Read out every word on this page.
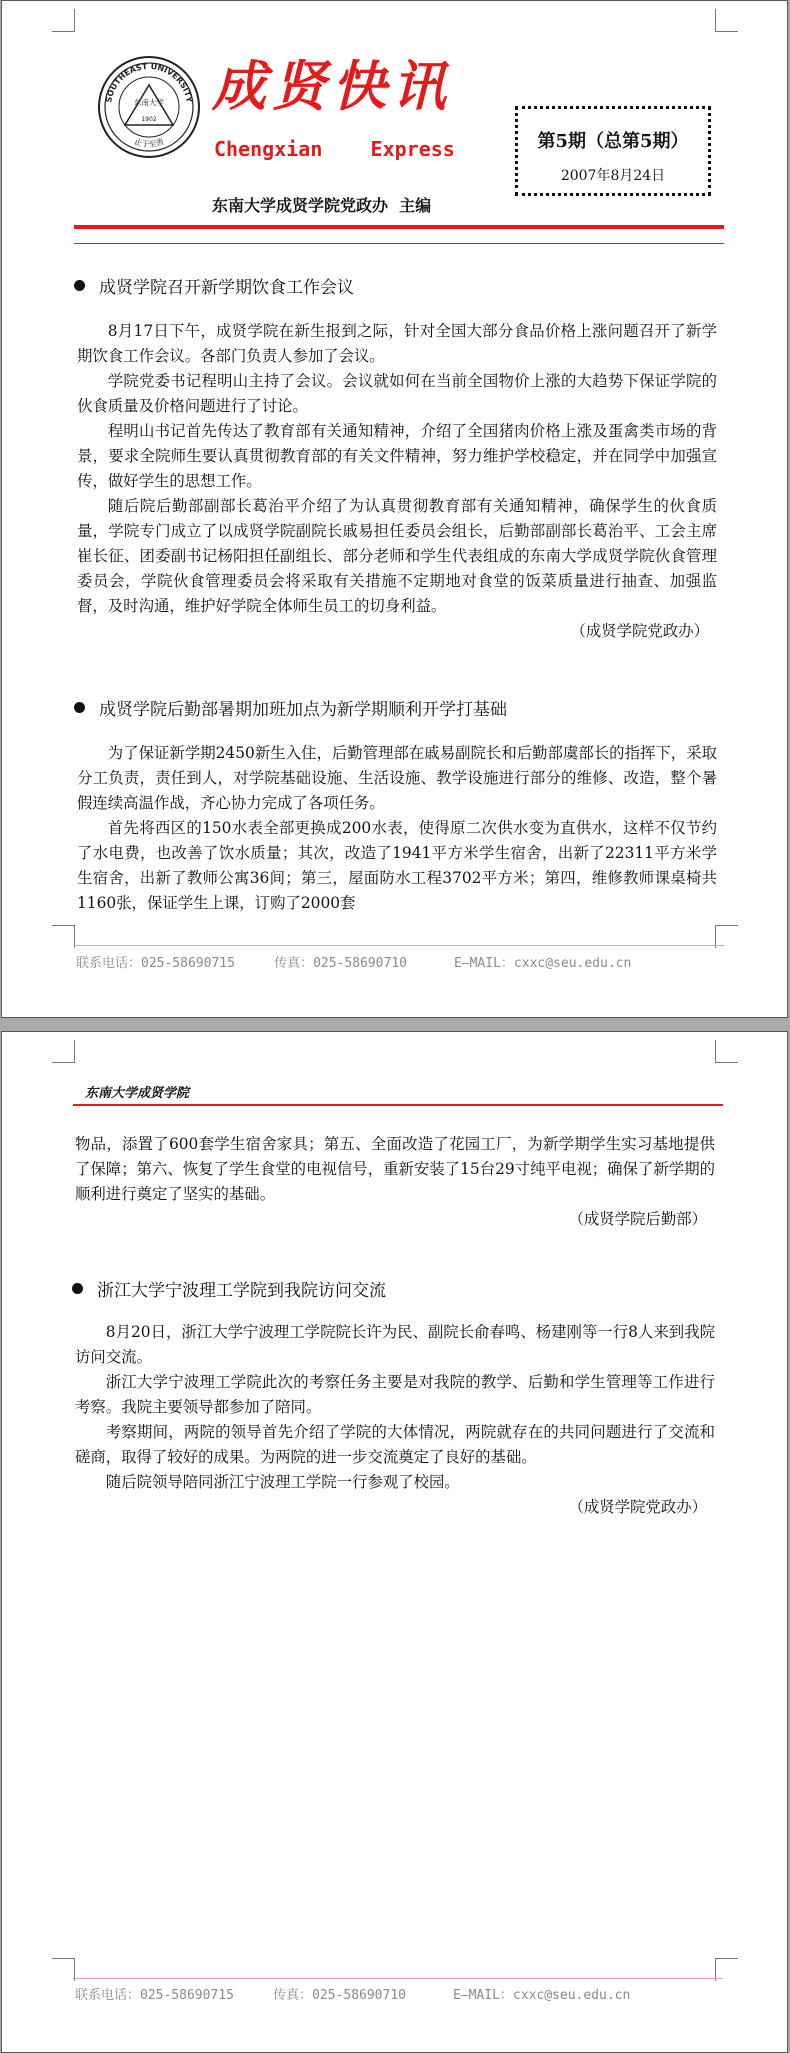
SOUTHEAST UNIVERSITY
止于至善
东南大学
1902
成贤快讯
Chengxian    Express
东南大学成贤学院党政办  主编
第5期（总第5期）
2007年8月24日
成贤学院召开新学期饮食工作会议

8月17日下午，成贤学院在新生报到之际，针对全国大部分食品价格上涨问题召开了新学期饮食工作会议。各部门负责人参加了会议。

学院党委书记程明山主持了会议。会议就如何在当前全国物价上涨的大趋势下保证学院的伙食质量及价格问题进行了讨论。

程明山书记首先传达了教育部有关通知精神，介绍了全国猪肉价格上涨及蛋禽类市场的背景，要求全院师生要认真贯彻教育部的有关文件精神，努力维护学校稳定，并在同学中加强宣传，做好学生的思想工作。

随后院后勤部副部长葛治平介绍了为认真贯彻教育部有关通知精神，确保学生的伙食质量，学院专门成立了以成贤学院副院长戚易担任委员会组长，后勤部副部长葛治平、工会主席崔长征、团委副书记杨阳担任副组长、部分老师和学生代表组成的东南大学成贤学院伙食管理委员会，学院伙食管理委员会将采取有关措施不定期地对食堂的饭菜质量进行抽查、加强监督，及时沟通，维护好学院全体师生员工的切身利益。

（成贤学院党政办）
成贤学院后勤部暑期加班加点为新学期顺利开学打基础

为了保证新学期2450新生入住，后勤管理部在戚易副院长和后勤部虞部长的指挥下，采取分工负责，责任到人，对学院基础设施、生活设施、教学设施进行部分的维修、改造，整个暑假连续高温作战，齐心协力完成了各项任务。

首先将西区的150水表全部更换成200水表，使得原二次供水变为直供水，这样不仅节约了水电费，也改善了饮水质量；其次，改造了1941平方米学生宿舍，出新了22311平方米学生宿舍，出新了教师公寓36间；第三，屋面防水工程3702平方米；第四，维修教师课桌椅共1160张，保证学生上课，订购了2000套

联系电话：025-58690715	传真：025-58690710	E—MAIL：cxxc@seu.edu.cn
东南大学成贤学院

物品，添置了600套学生宿舍家具；第五、全面改造了花园工厂，为新学期学生实习基地提供了保障；第六、恢复了学生食堂的电视信号，重新安装了15台29寸纯平电视；确保了新学期的顺利进行奠定了坚实的基础。

（成贤学院后勤部）
浙江大学宁波理工学院到我院访问交流

8月20日，浙江大学宁波理工学院院长许为民、副院长俞春鸣、杨建刚等一行8人来到我院访问交流。

浙江大学宁波理工学院此次的考察任务主要是对我院的教学、后勤和学生管理等工作进行考察。我院主要领导都参加了陪同。

考察期间，两院的领导首先介绍了学院的大体情况，两院就存在的共同问题进行了交流和磋商，取得了较好的成果。为两院的进一步交流奠定了良好的基础。

随后院领导陪同浙江宁波理工学院一行参观了校园。

（成贤学院党政办）
联系电话：025-58690715	传真：025-58690710	E—MAIL：cxxc@seu.edu.cn
